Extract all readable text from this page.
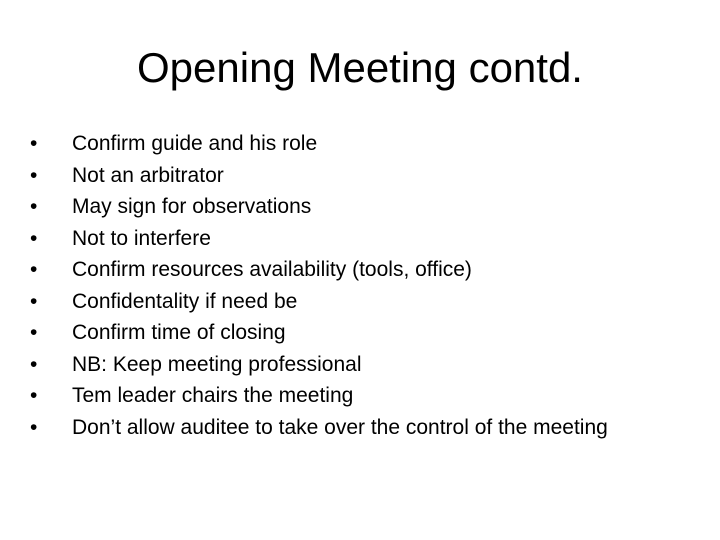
Opening Meeting contd.
•	Confirm guide and his role
•	Not an arbitrator
•	May sign for observations
•	Not to interfere
•	Confirm resources availability (tools, office)
•	Confidentality if need be
•	Confirm time of closing
•	NB: Keep meeting professional
•	Tem leader chairs the meeting
•	Don’t allow auditee to take over the control of the meeting
